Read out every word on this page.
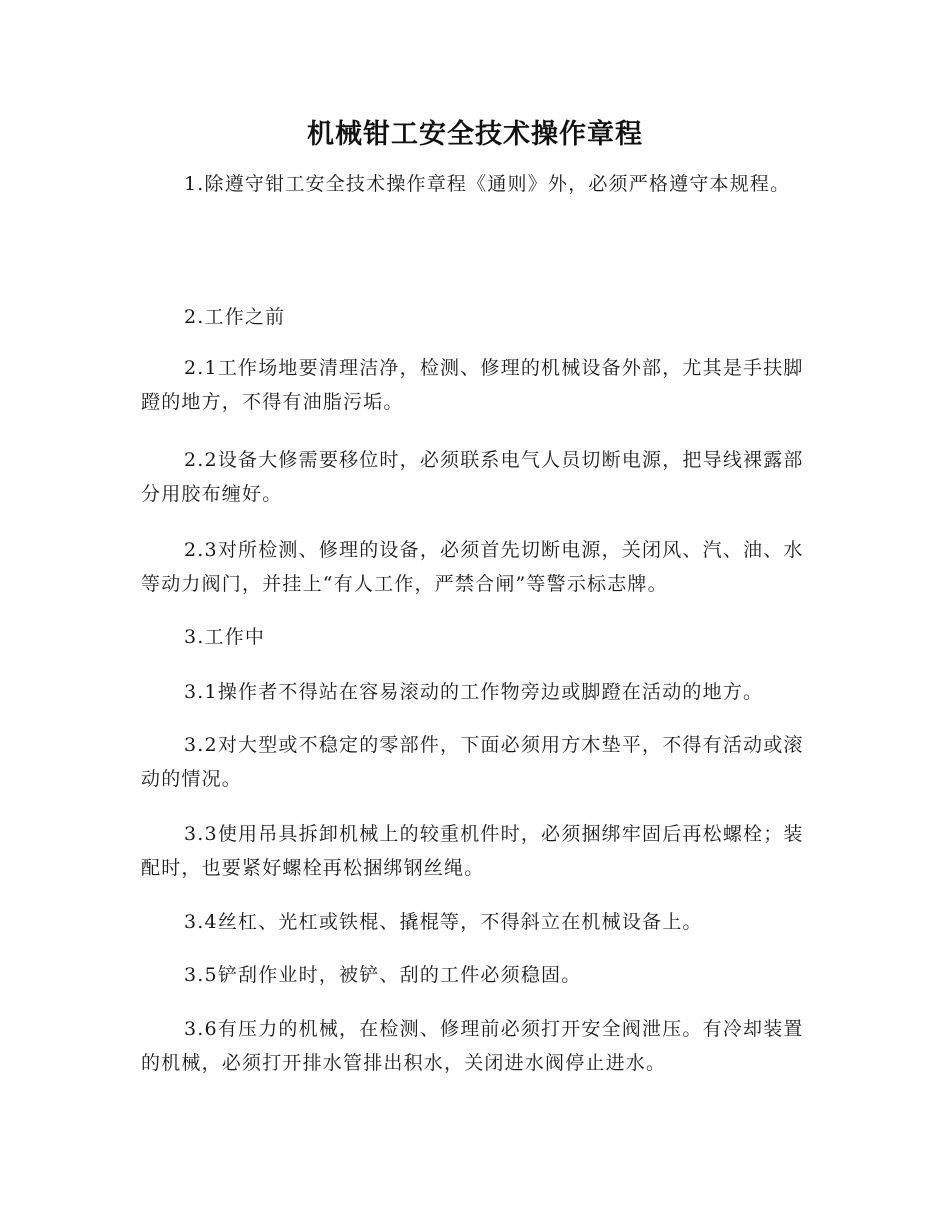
机械钳工安全技术操作章程

1.除遵守钳工安全技术操作章程《通则》外，必须严格遵守本规程。

2.工作之前

2.1工作场地要清理洁净，检测、修理的机械设备外部，尤其是手扶脚蹬的地方，不得有油脂污垢。

2.2设备大修需要移位时，必须联系电气人员切断电源，把导线裸露部分用胶布缠好。

2.3对所检测、修理的设备，必须首先切断电源，关闭风、汽、油、水等动力阀门，并挂上“有人工作，严禁合闸”等警示标志牌。

3.工作中

3.1操作者不得站在容易滚动的工作物旁边或脚蹬在活动的地方。

3.2对大型或不稳定的零部件，下面必须用方木垫平，不得有活动或滚动的情况。

3.3使用吊具拆卸机械上的较重机件时，必须捆绑牢固后再松螺栓；装配时，也要紧好螺栓再松捆绑钢丝绳。

3.4丝杠、光杠或铁棍、撬棍等，不得斜立在机械设备上。

3.5铲刮作业时，被铲、刮的工件必须稳固。

3.6有压力的机械，在检测、修理前必须打开安全阀泄压。有冷却装置的机械，必须打开排水管排出积水，关闭进水阀停止进水。
